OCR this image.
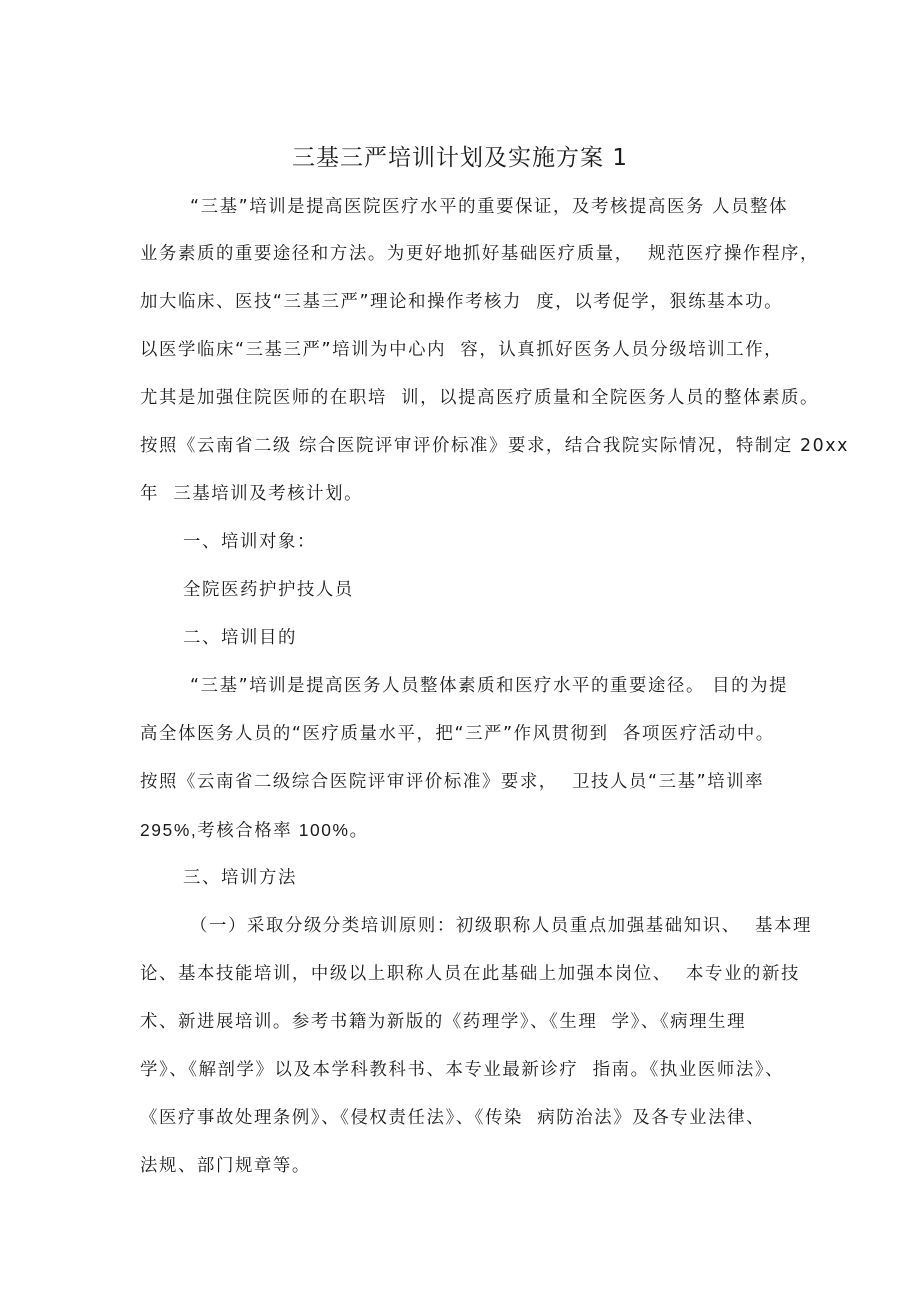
三基三严培训计划及实施方案 1
“三基”培训是提高医院医疗水平的重要保证，及考核提高医务 人员整体
业务素质的重要途径和方法。为更好地抓好基础医疗质量，  规范医疗操作程序，
加大临床、医技“三基三严”理论和操作考核力  度，以考促学，狠练基本功。
以医学临床“三基三严”培训为中心内  容，认真抓好医务人员分级培训工作，
尤其是加强住院医师的在职培  训，以提高医疗质量和全院医务人员的整体素质。
按照《云南省二级 综合医院评审评价标准》要求，结合我院实际情况，特制定 20xx
年  三基培训及考核计划。
一、培训对象：
全院医药护护技人员
二、培训目的
“三基”培训是提高医务人员整体素质和医疗水平的重要途径。 目的为提
高全体医务人员的“医疗质量水平，把“三严”作风贯彻到  各项医疗活动中。
按照《云南省二级综合医院评审评价标准》要求，  卫技人员“三基”培训率
295%,考核合格率 100%。
三、培训方法
（一）采取分级分类培训原则：初级职称人员重点加强基础知识、  基本理
论、基本技能培训，中级以上职称人员在此基础上加强本岗位、  本专业的新技
术、新进展培训。参考书籍为新版的《药理学》、《生理  学》、《病理生理
学》、《解剖学》以及本学科教科书、本专业最新诊疗  指南。《执业医师法》、
《医疗事故处理条例》、《侵权责任法》、《传染  病防治法》及各专业法律、
法规、部门规章等。
